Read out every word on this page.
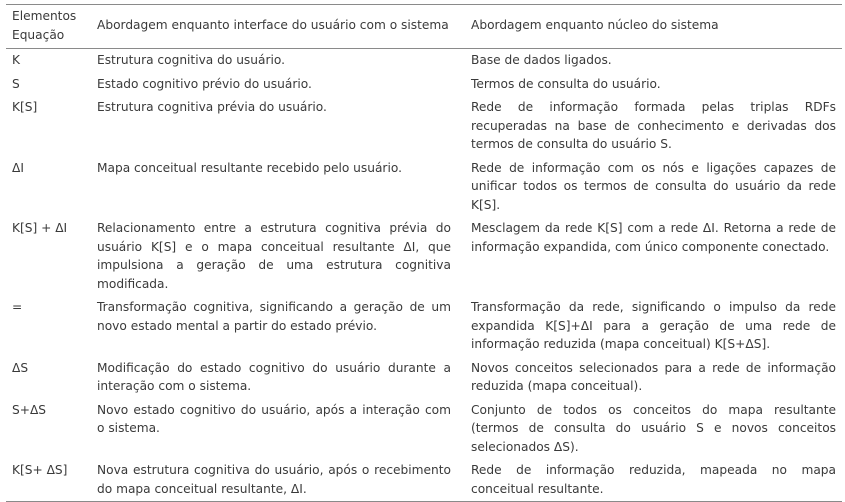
Elementos
Equação	Abordagem enquanto interface do usuário com o sistema	Abordagem enquanto núcleo do sistema
K	Estrutura cognitiva do usuário.	Base de dados ligados.
S	Estado cognitivo prévio do usuário.	Termos de consulta do usuário.
K[S]	Estrutura cognitiva prévia do usuário.	Rede de informação formada pelas triplas RDFs recuperadas na base de conhecimento e derivadas dos termos de consulta do usuário S.
ΔI	Mapa conceitual resultante recebido pelo usuário.	Rede de informação com os nós e ligações capazes de unificar todos os termos de consulta do usuário da rede K[S].
K[S] + ΔI	Relacionamento entre a estrutura cognitiva prévia do usuário K[S] e o mapa conceitual resultante ΔI, que impulsiona a geração de uma estrutura cognitiva modificada.	Mesclagem da rede K[S] com a rede ΔI. Retorna a rede de informação expandida, com único componente conectado.
=	Transformação cognitiva, significando a geração de um novo estado mental a partir do estado prévio.	Transformação da rede, significando o impulso da rede expandida K[S]+ΔI para a geração de uma rede de informação reduzida (mapa conceitual) K[S+ΔS].
ΔS	Modificação do estado cognitivo do usuário durante a interação com o sistema.	Novos conceitos selecionados para a rede de informação reduzida (mapa conceitual).
S+ΔS	Novo estado cognitivo do usuário, após a interação com o sistema.	Conjunto de todos os conceitos do mapa resultante (termos de consulta do usuário S e novos conceitos selecionados ΔS).
K[S+ ΔS]	Nova estrutura cognitiva do usuário, após o recebimento do mapa conceitual resultante, ΔI.	Rede de informação reduzida, mapeada no mapa conceitual resultante.
